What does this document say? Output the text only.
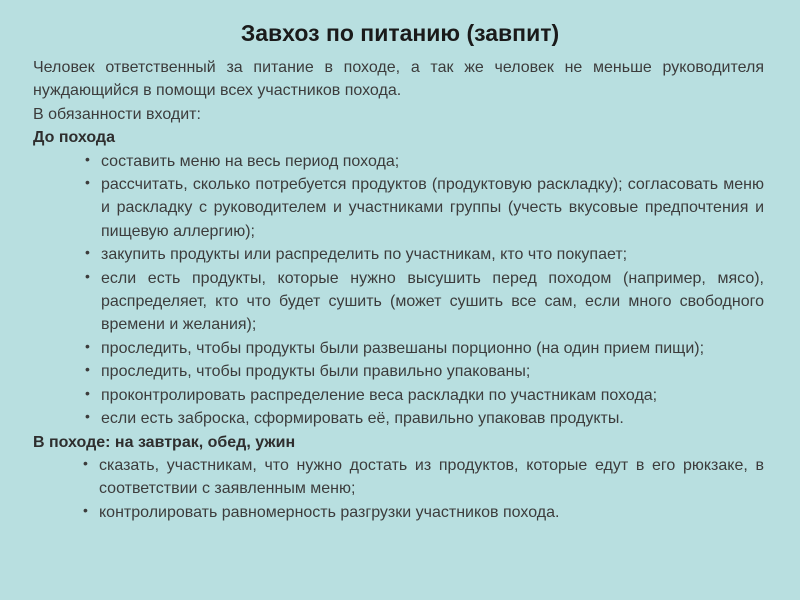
Завхоз по питанию (завпит)

Человек ответственный за питание в походе, а так же человек не меньше руководителя нуждающийся в помощи всех участников похода.

В обязанности входит:

До похода

• составить меню на весь период похода;
• рассчитать, сколько потребуется продуктов (продуктовую раскладку); согласовать меню и раскладку с руководителем и участниками группы (учесть вкусовые предпочтения и пищевую аллергию);
• закупить продукты или распределить по участникам, кто что покупает;
• если есть продукты, которые нужно высушить перед походом (например, мясо), распределяет, кто что будет сушить (может сушить все сам, если много свободного времени и желания);
• проследить, чтобы продукты были развешаны порционно (на один прием пищи);
• проследить, чтобы продукты были правильно упакованы;
• проконтролировать распределение веса раскладки по участникам похода;
• если есть заброска, сформировать её, правильно упаковав продукты.

В походе: на завтрак, обед, ужин

• сказать, участникам, что нужно достать из продуктов, которые едут в его рюкзаке, в соответствии с заявленным меню;
• контролировать равномерность разгрузки участников похода.
